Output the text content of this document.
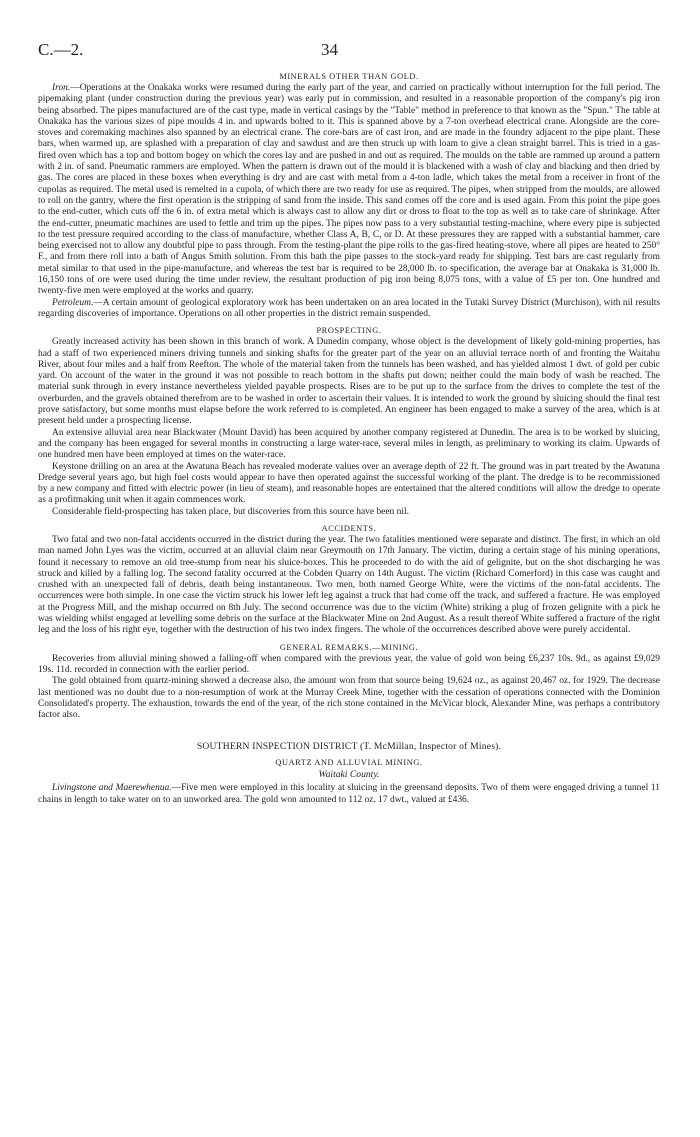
C.—2.	34
MINERALS OTHER THAN GOLD.

Iron.—Operations at the Onakaka works were resumed during the early part of the year, and carried on practically without interruption for the full period. The pipemaking plant (under construction during the previous year) was early put in commission, and resulted in a reasonable proportion of the company's pig iron being absorbed. The pipes manufactured are of the cast type, made in vertical casings by the "Table" method in preference to that known as the "Spun." The table at Onakaka has the various sizes of pipe moulds 4 in. and upwards bolted to it. This is spanned above by a 7-ton overhead electrical crane. Alongside are the core-stoves and coremaking machines also spanned by an electrical crane. The core-bars are of cast iron, and are made in the foundry adjacent to the pipe plant. These bars, when warmed up, are splashed with a preparation of clay and sawdust and are then struck up with loam to give a clean straight barrel. This is tried in a gas-fired oven which has a top and bottom bogey on which the cores lay and are pushed in and out as required. The moulds on the table are rammed up around a pattern with 2 in. of sand. Pneumatic rammers are employed. When the pattern is drawn out of the mould it is blackened with a wash of clay and blacking and then dried by gas. The cores are placed in these boxes when everything is dry and are cast with metal from a 4-ton ladle, which takes the metal from a receiver in front of the cupolas as required. The metal used is remelted in a cupola, of which there are two ready for use as required. The pipes, when stripped from the moulds, are allowed to roll on the gantry, where the first operation is the stripping of sand from the inside. This sand comes off the core and is used again. From this point the pipe goes to the end-cutter, which cuts off the 6 in. of extra metal which is always cast to allow any dirt or dross to float to the top as well as to take care of shrinkage. After the end-cutter, pneumatic machines are used to fettle and trim up the pipes. The pipes now pass to a very substantial testing-machine, where every pipe is subjected to the test pressure required according to the class of manufacture, whether Class A, B, C, or D. At these pressures they are rapped with a substantial hammer, care being exercised not to allow any doubtful pipe to pass through. From the testing-plant the pipe rolls to the gas-fired heating-stove, where all pipes are heated to 250° F., and from there roll into a bath of Angus Smith solution. From this bath the pipe passes to the stock-yard ready for shipping. Test bars are cast regularly from metal similar to that used in the pipe-manufacture, and whereas the test bar is required to be 28,000 lb. to specification, the average bar at Onakaka is 31,000 lb. 16,150 tons of ore were used during the time under review, the resultant production of pig iron being 8,075 tons, with a value of £5 per ton. One hundred and twenty-five men were employed at the works and quarry.

Petroleum.—A certain amount of geological exploratory work has been undertaken on an area located in the Tutaki Survey District (Murchison), with nil results regarding discoveries of importance. Operations on all other properties in the district remain suspended.

PROSPECTING.

Greatly increased activity has been shown in this branch of work. A Dunedin company, whose object is the development of likely gold-mining properties, has had a staff of two experienced miners driving tunnels and sinking shafts for the greater part of the year on an alluvial terrace north of and fronting the Waitahu River, about four miles and a half from Reefton. The whole of the material taken from the tunnels has been washed, and has yielded almost 1 dwt. of gold per cubic yard. On account of the water in the ground it was not possible to reach bottom in the shafts put down; neither could the main body of wash be reached. The material sunk through in every instance nevertheless yielded payable prospects. Rises are to be put up to the surface from the drives to complete the test of the overburden, and the gravels obtained therefrom are to be washed in order to ascertain their values. It is intended to work the ground by sluicing should the final test prove satisfactory, but some months must elapse before the work referred to is completed. An engineer has been engaged to make a survey of the area, which is at present held under a prospecting license.

An extensive alluvial area near Blackwater (Mount David) has been acquired by another company registered at Dunedin. The area is to be worked by sluicing, and the company has been engaged for several months in constructing a large water-race, several miles in length, as preliminary to working its claim. Upwards of one hundred men have been employed at times on the water-race.

Keystone drilling on an area at the Awatuna Beach has revealed moderate values over an average depth of 22 ft. The ground was in part treated by the Awatuna Dredge several years ago, but high fuel costs would appear to have then operated against the successful working of the plant. The dredge is to be recommissioned by a new company and fitted with electric power (in lieu of steam), and reasonable hopes are entertained that the altered conditions will allow the dredge to operate as a profitmaking unit when it again commences work.

Considerable field-prospecting has taken place, but discoveries from this source have been nil.

ACCIDENTS.

Two fatal and two non-fatal accidents occurred in the district during the year. The two fatalities mentioned were separate and distinct. The first, in which an old man named John Lyes was the victim, occurred at an alluvial claim near Greymouth on 17th January. The victim, during a certain stage of his mining operations, found it necessary to remove an old tree-stump from near his sluice-boxes. This he proceeded to do with the aid of gelignite, but on the shot discharging he was struck and killed by a falling log. The second fatality occurred at the Cobden Quarry on 14th August. The victim (Richard Comerford) in this case was caught and crushed with an unexpected fall of debris, death being instantaneous. Two men, both named George White, were the victims of the non-fatal accidents. The occurrences were both simple. In one case the victim struck his lower left leg against a truck that had come off the track, and suffered a fracture. He was employed at the Progress Mill, and the mishap occurred on 8th July. The second occurrence was due to the victim (White) striking a plug of frozen gelignite with a pick he was wielding whilst engaged at levelling some debris on the surface at the Blackwater Mine on 2nd August. As a result thereof White suffered a fracture of the right leg and the loss of his right eye, together with the destruction of his two index fingers. The whole of the occurrences described above were purely accidental.

GENERAL REMARKS.—MINING.

Recoveries from alluvial mining showed a falling-off when compared with the previous year, the value of gold won being £6,237 10s. 9d., as against £9,029 19s. 11d. recorded in connection with the earlier period.

The gold obtained from quartz-mining showed a decrease also, the amount won from that source being 19,624 oz., as against 20,467 oz. for 1929. The decrease last mentioned was no doubt due to a non-resumption of work at the Murray Creek Mine, together with the cessation of operations connected with the Dominion Consolidated's property. The exhaustion, towards the end of the year, of the rich stone contained in the McVicar block, Alexander Mine, was perhaps a contributory factor also.

SOUTHERN INSPECTION DISTRICT (T. McMillan, Inspector of Mines).
QUARTZ AND ALLUVIAL MINING.
Waitaki County.

Livingstone and Maerewhenua.—Five men were employed in this locality at sluicing in the greensand deposits. Two of them were engaged driving a tunnel 11 chains in length to take water on to an unworked area. The gold won amounted to 112 oz. 17 dwt., valued at £436.
